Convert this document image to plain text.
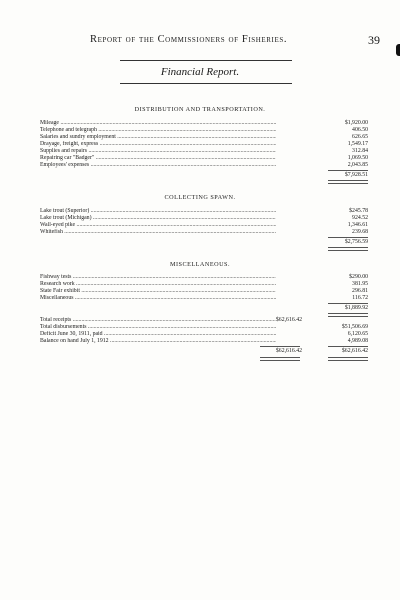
Report of the Commissioners of Fisheries.	39
Financial Report.
DISTRIBUTION AND TRANSPORTATION.
Mileage .....	$1,920.00
Telephone and telegraph .....	406.50
Salaries and sundry employment .....	626.65
Drayage, freight, express .....	1,549.17
Supplies and repairs .....	312.84
Repairing car "Badger" .....	1,069.50
Employees' expenses .....	2,043.85
$7,928.51
COLLECTING SPAWN.
Lake trout (Superior) .....	$245.78
Lake trout (Michigan) .....	924.52
Wall-eyed pike .....	1,346.61
Whitefish .....	239.68
$2,756.59
MISCELLANEOUS.
Fishway tests .....	$290.00
Research work .....	381.95
State Fair exhibit .....	296.81
Miscellaneous .....	116.72
$1,889.92
Total receipts .....	$62,616.42
Total disbursements .....	$51,506.69
Deficit June 30, 1911, paid .....	6,120.65
Balance on hand July 1, 1912 .....	4,989.08
$62,616.42	$62,616.42
